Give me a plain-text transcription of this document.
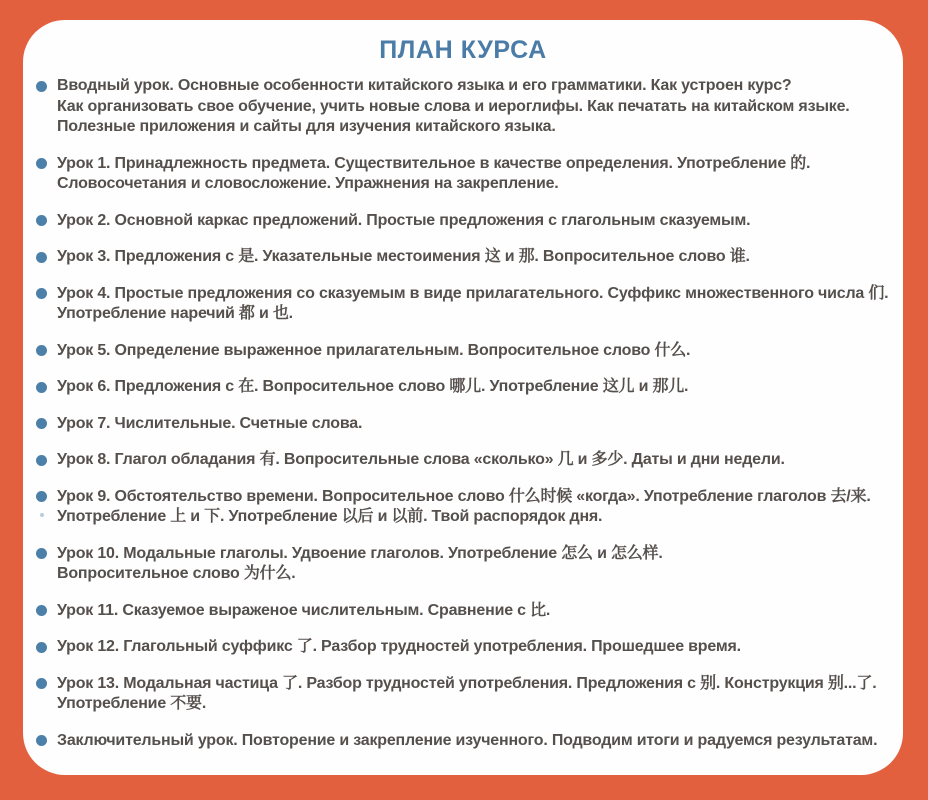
ПЛАН КУРСА
Вводный урок. Основные особенности китайского языка и его грамматики. Как устроен курс?
Как организовать свое обучение, учить новые слова и иероглифы. Как печатать на китайском языке.
Полезные приложения и сайты для изучения китайского языка.
Урок 1. Принадлежность предмета. Существительное в качестве определения. Употребление 的.
Словосочетания и словосложение. Упражнения на закрепление.
Урок 2. Основной каркас предложений. Простые предложения с глагольным сказуемым.
Урок 3. Предложения с 是. Указательные местоимения 这 и 那. Вопросительное слово 谁.
Урок 4. Простые предложения со сказуемым в виде прилагательного. Суффикс множественного числа 们.
Употребление наречий 都 и 也.
Урок 5. Определение выраженное прилагательным. Вопросительное слово 什么.
Урок 6. Предложения с 在. Вопросительное слово 哪儿. Употребление 这儿 и 那儿.
Урок 7. Числительные. Счетные слова.
Урок 8. Глагол обладания 有. Вопросительные слова «сколько» 几 и 多少. Даты и дни недели.
Урок 9. Обстоятельство времени. Вопросительное слово 什么时候 «когда». Употребление глаголов 去/来.
Употребление 上 и 下. Употребление 以后 и 以前. Твой распорядок дня.
Урок 10. Модальные глаголы. Удвоение глаголов. Употребление 怎么 и 怎么样.
Вопросительное слово 为什么.
Урок 11. Сказуемое выраженое числительным. Сравнение с 比.
Урок 12. Глагольный суффикс 了. Разбор трудностей употребления. Прошедшее время.
Урок 13. Модальная частица 了. Разбор трудностей употребления. Предложения с 别. Конструкция 别...了.
Употребление 不要.
Заключительный урок. Повторение и закрепление изученного. Подводим итоги и радуемся результатам.
